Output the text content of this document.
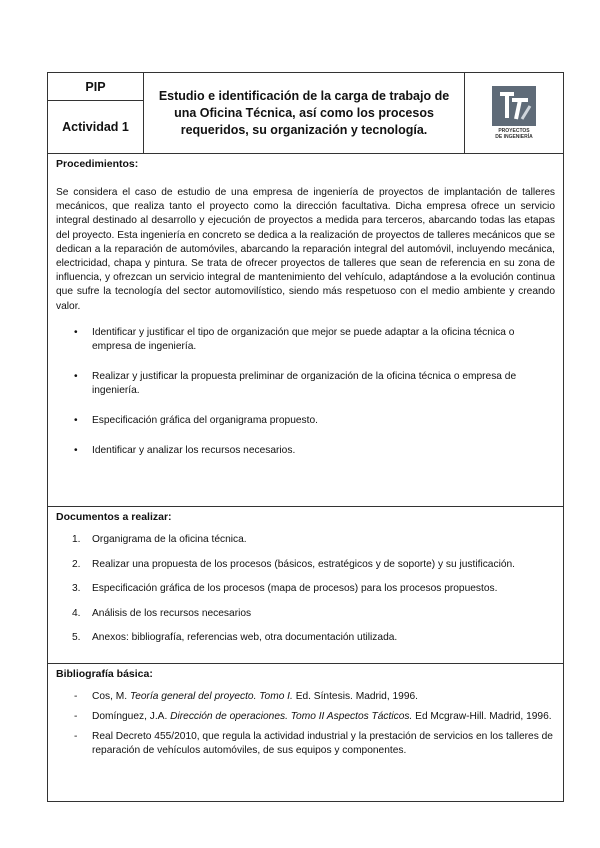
PIP
Actividad 1
Estudio e identificación de la carga de trabajo de una Oficina Técnica, así como los procesos requeridos, su organización y tecnología.	PROYECTOS
DE INGENIERÍA
Procedimientos:

Se considera el caso de estudio de una empresa de ingeniería de proyectos de implantación de talleres mecánicos, que realiza tanto el proyecto como la dirección facultativa. Dicha empresa ofrece un servicio integral destinado al desarrollo y ejecución de proyectos a medida para terceros, abarcando todas las etapas del proyecto. Esta ingeniería en concreto se dedica a la realización de proyectos de talleres mecánicos que se dedican a la reparación de automóviles, abarcando la reparación integral del automóvil, incluyendo mecánica, electricidad, chapa y pintura. Se trata de ofrecer proyectos de talleres que sean de referencia en su zona de influencia, y ofrezcan un servicio integral de mantenimiento del vehículo, adaptándose a la evolución continua que sufre la tecnología del sector automovilístico, siendo más respetuoso con el medio ambiente y creando valor.

• Identificar y justificar el tipo de organización que mejor se puede adaptar a la oficina técnica o empresa de ingeniería.
• Realizar y justificar la propuesta preliminar de organización de la oficina técnica o empresa de ingeniería.
• Especificación gráfica del organigrama propuesto.
• Identificar y analizar los recursos necesarios.
Documentos a realizar:
1. Organigrama de la oficina técnica.
2. Realizar una propuesta de los procesos (básicos, estratégicos y de soporte) y su justificación.
3. Especificación gráfica de los procesos (mapa de procesos) para los procesos propuestos.
4. Análisis de los recursos necesarios
5. Anexos: bibliografía, referencias web, otra documentación utilizada.
Bibliografía básica:
- Cos, M. Teoría general del proyecto. Tomo I. Ed. Síntesis. Madrid, 1996.
- Domínguez, J.A. Dirección de operaciones. Tomo II Aspectos Tácticos. Ed Mcgraw-Hill. Madrid, 1996.
- Real Decreto 455/2010, que regula la actividad industrial y la prestación de servicios en los talleres de reparación de vehículos automóviles, de sus equipos y componentes.
